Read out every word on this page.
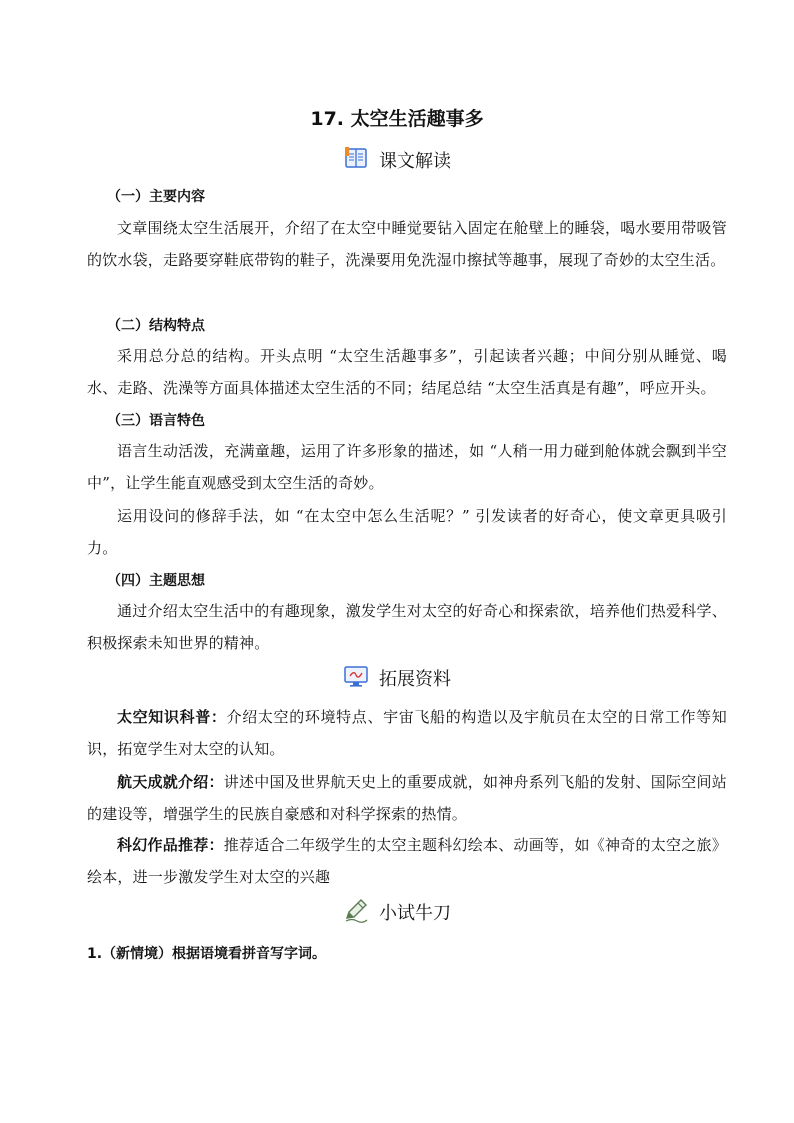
17. 太空生活趣事多
课文解读
（一）主要内容
文章围绕太空生活展开，介绍了在太空中睡觉要钻入固定在舱壁上的睡袋，喝水要用带吸管的饮水袋，走路要穿鞋底带钩的鞋子，洗澡要用免洗湿巾擦拭等趣事，展现了奇妙的太空生活。
（二）结构特点
采用总分总的结构。开头点明 “太空生活趣事多”，引起读者兴趣；中间分别从睡觉、喝水、走路、洗澡等方面具体描述太空生活的不同；结尾总结 “太空生活真是有趣”，呼应开头。
（三）语言特色
语言生动活泼，充满童趣，运用了许多形象的描述，如 “人稍一用力碰到舱体就会飘到半空中”，让学生能直观感受到太空生活的奇妙。
运用设问的修辞手法，如 “在太空中怎么生活呢？” 引发读者的好奇心，使文章更具吸引力。
（四）主题思想
通过介绍太空生活中的有趣现象，激发学生对太空的好奇心和探索欲，培养他们热爱科学、积极探索未知世界的精神。
拓展资料
太空知识科普：介绍太空的环境特点、宇宙飞船的构造以及宇航员在太空的日常工作等知识，拓宽学生对太空的认知。
航天成就介绍：讲述中国及世界航天史上的重要成就，如神舟系列飞船的发射、国际空间站的建设等，增强学生的民族自豪感和对科学探索的热情。
科幻作品推荐：推荐适合二年级学生的太空主题科幻绘本、动画等，如《神奇的太空之旅》绘本，进一步激发学生对太空的兴趣
小试牛刀
1.（新情境）根据语境看拼音写字词。
